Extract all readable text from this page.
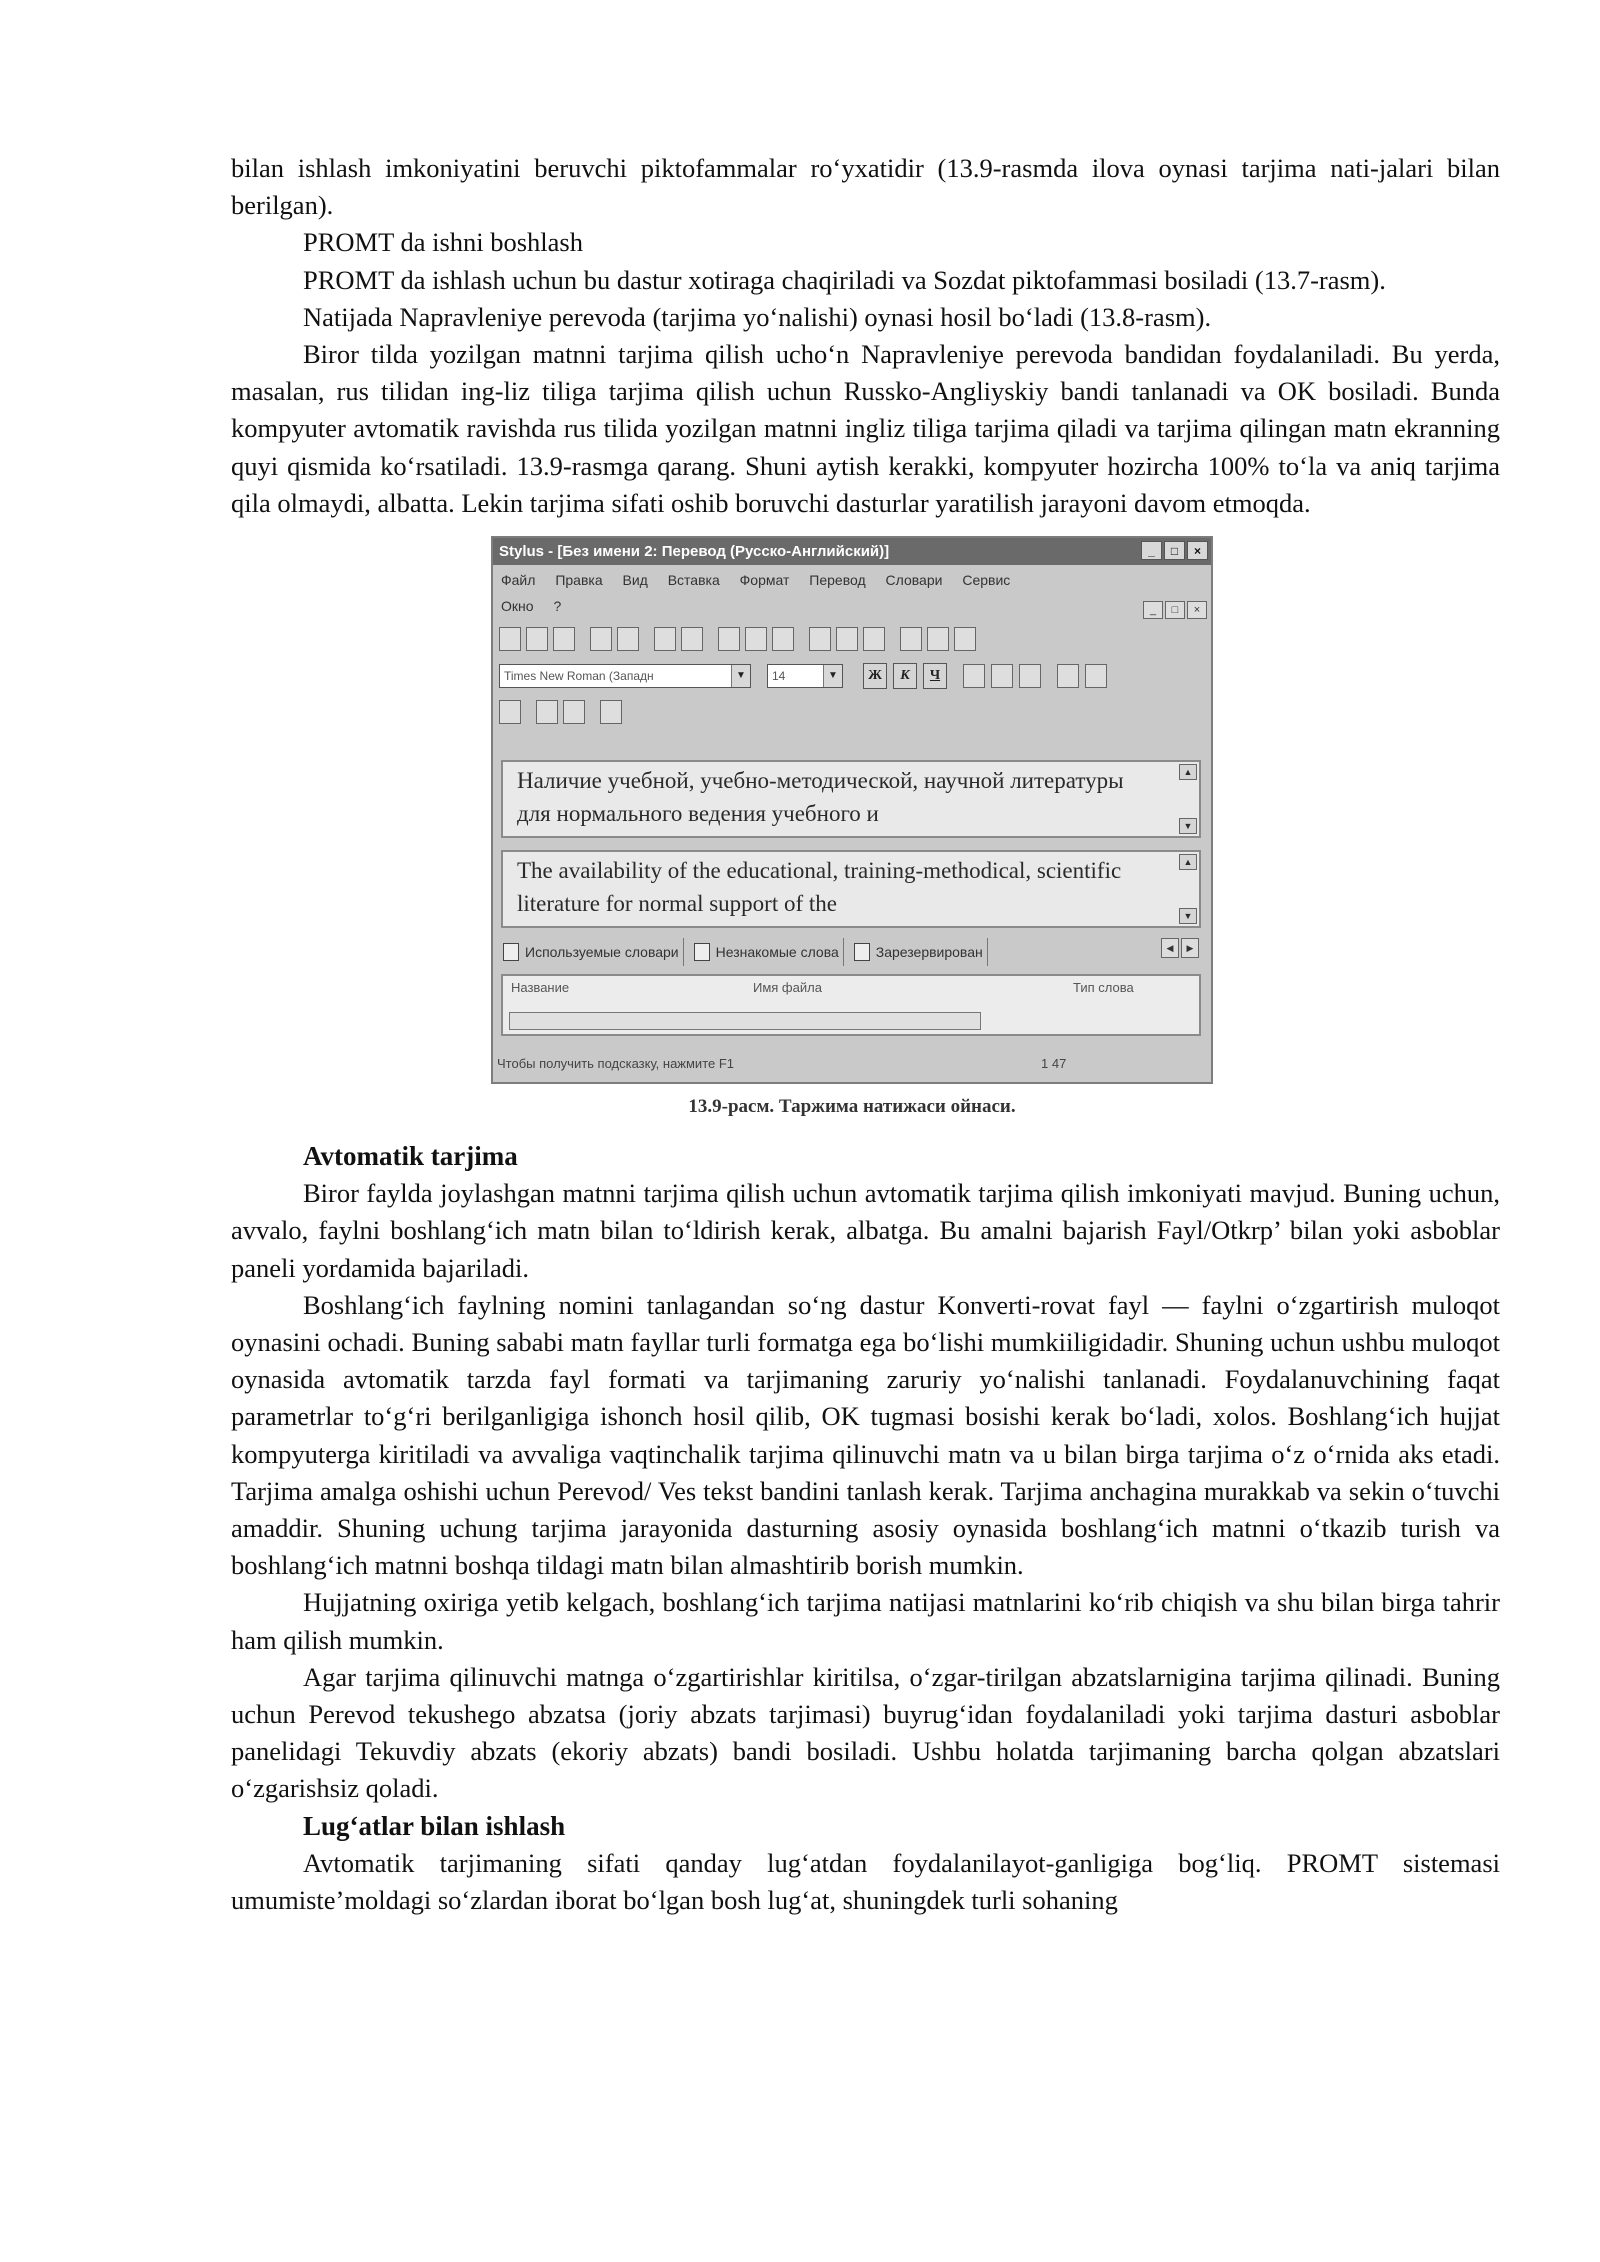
bilan ishlash imkoniyatini beruvchi piktofammalar ro‘yxatidir (13.9-rasmda ilova oynasi tarjima nati-jalari bilan berilgan).

PROMT da ishni boshlash

PROMT da ishlash uchun bu dastur xotiraga chaqiriladi va Sozdat piktofammasi bosiladi (13.7-rasm).

Natijada Napravleniye perevoda (tarjima yo‘nalishi) oynasi hosil bo‘ladi (13.8-rasm).

Biror tilda yozilgan matnni tarjima qilish ucho‘n Napravleniye perevoda bandidan foydalaniladi. Bu yerda, masalan, rus tilidan ing-liz tiliga tarjima qilish uchun Russko-Angliyskiy bandi tanlanadi va OK bosiladi. Bunda kompyuter avtomatik ravishda rus tilida yozilgan matnni ingliz tiliga tarjima qiladi va tarjima qilingan matn ekranning quyi qismida ko‘rsatiladi. 13.9-rasmga qarang. Shuni aytish kerakki, kompyuter hozircha 100% to‘la va aniq tarjima qila olmaydi, albatta. Lekin tarjima sifati oshib boruvchi dasturlar yaratilish jarayoni davom etmoqda.

Stylus - [Без имени 2: Перевод (Русско-Английский)]	_	□	×
Файл Правка Вид Вставка Формат Перевод Словари Сервис
Окно ?	_	□	×
Times New Roman (Западн	▼	14	▼	Ж	К	Ч
Наличие учебной, учебно-методической, научной литературы для нормального ведения учебного и
▲
▼
The availability of the educational, training-methodical, scientific literature for normal support of the
▲
▼
Используемые словари	Незнакомые слова	Зарезервирован	◀	▶
Название	Имя файла	Тип слова
Чтобы получить подсказку, нажмите F1	1 47
13.9-расм. Таржима натижаси ойнаси.

Avtomatik tarjima

Biror faylda joylashgan matnni tarjima qilish uchun avtomatik tarjima qilish imkoniyati mavjud. Buning uchun, avvalo, faylni boshlang‘ich matn bilan to‘ldirish kerak, albatga. Bu amalni bajarish Fayl/Otkrp’ bilan yoki asboblar paneli yordamida bajariladi.

Boshlang‘ich faylning nomini tanlagandan so‘ng dastur Konverti-rovat fayl — faylni o‘zgartirish muloqot oynasini ochadi. Buning sababi matn fayllar turli formatga ega bo‘lishi mumkiiligidadir. Shuning uchun ushbu muloqot oynasida avtomatik tarzda fayl formati va tarjimaning zaruriy yo‘nalishi tanlanadi. Foydalanuvchining faqat parametrlar to‘g‘ri berilganligiga ishonch hosil qilib, OK tugmasi bosishi kerak bo‘ladi, xolos. Boshlang‘ich hujjat kompyuterga kiritiladi va avvaliga vaqtinchalik tarjima qilinuvchi matn va u bilan birga tarjima o‘z o‘rnida aks etadi. Tarjima amalga oshishi uchun Perevod/ Ves tekst bandini tanlash kerak. Tarjima anchagina murakkab va sekin o‘tuvchi amaddir. Shuning uchung tarjima jarayonida dasturning asosiy oynasida boshlang‘ich matnni o‘tkazib turish va boshlang‘ich matnni boshqa tildagi matn bilan almashtirib borish mumkin.

Hujjatning oxiriga yetib kelgach, boshlang‘ich tarjima natijasi matnlarini ko‘rib chiqish va shu bilan birga tahrir ham qilish mumkin.

Agar tarjima qilinuvchi matnga o‘zgartirishlar kiritilsa, o‘zgar-tirilgan abzatslarnigina tarjima qilinadi. Buning uchun Perevod tekushego abzatsa (joriy abzats tarjimasi) buyrug‘idan foydalaniladi yoki tarjima dasturi asboblar panelidagi Tekuvdiy abzats (ekoriy abzats) bandi bosiladi. Ushbu holatda tarjimaning barcha qolgan abzatslari o‘zgarishsiz qoladi.

Lug‘atlar bilan ishlash

Avtomatik tarjimaning sifati qanday lug‘atdan foydalanilayot-ganligiga bog‘liq. PROMT sistemasi umumiste’moldagi so‘zlardan iborat bo‘lgan bosh lug‘at, shuningdek turli sohaning
